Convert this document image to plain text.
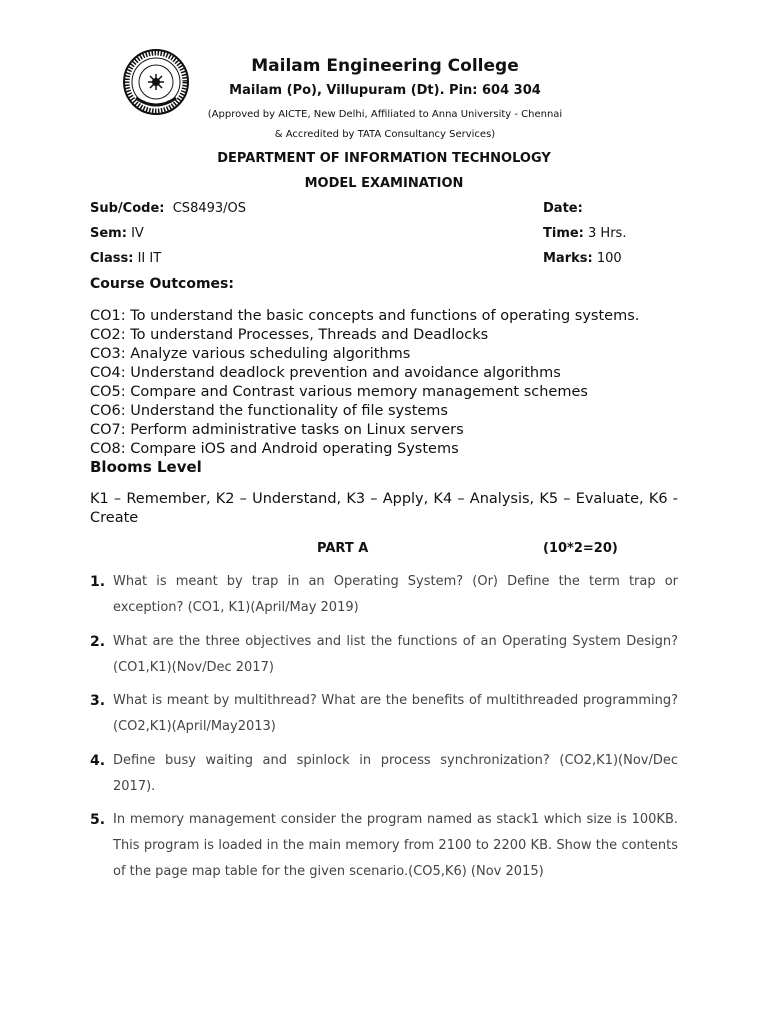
Mailam Engineering College
Mailam (Po), Villupuram (Dt). Pin: 604 304
(Approved by AICTE, New Delhi, Affiliated to Anna University - Chennai
& Accredited by TATA Consultancy Services)
DEPARTMENT OF INFORMATION TECHNOLOGY
MODEL EXAMINATION
Sub/Code: CS8493/OS
Sem: IV
Class: II IT
Date:
Time: 3 Hrs.
Marks: 100
Course Outcomes:
CO1: To understand the basic concepts and functions of operating systems.
CO2: To understand Processes, Threads and Deadlocks
CO3: Analyze various scheduling algorithms
CO4: Understand deadlock prevention and avoidance algorithms
CO5: Compare and Contrast various memory management schemes
CO6: Understand the functionality of file systems
CO7: Perform administrative tasks on Linux servers
CO8: Compare iOS and Android operating Systems
Blooms Level
K1 – Remember, K2 – Understand, K3 – Apply, K4 – Analysis, K5 – Evaluate, K6 - Create
PART A	(10*2=20)
1. What is meant by trap in an Operating System? (Or) Define the term trap or exception? (CO1, K1)(April/May 2019)
2. What are the three objectives and list the functions of an Operating System Design? (CO1,K1)(Nov/Dec 2017)
3. What is meant by multithread? What are the benefits of multithreaded programming? (CO2,K1)(April/May2013)
4. Define busy waiting and spinlock in process synchronization? (CO2,K1)(Nov/Dec 2017).
5. In memory management consider the program named as stack1 which size is 100KB. This program is loaded in the main memory from 2100 to 2200 KB. Show the contents of the page map table for the given scenario.(CO5,K6) (Nov 2015)
